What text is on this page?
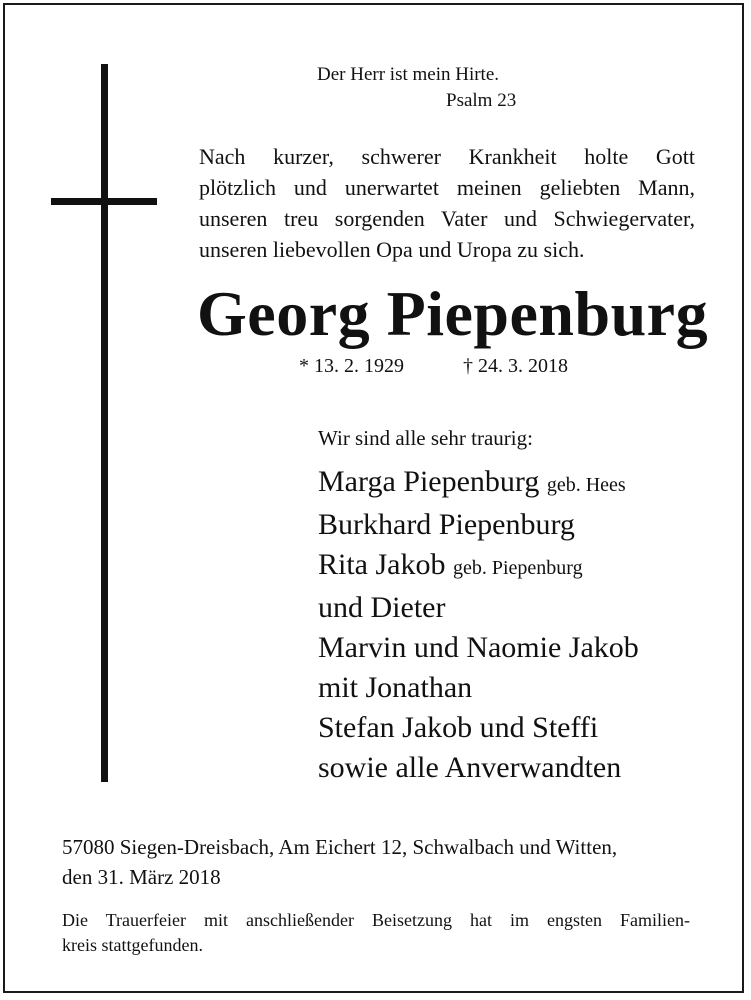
Der Herr ist mein Hirte.
Psalm 23
Nach kurzer, schwerer Krankheit holte Gott
plötzlich und unerwartet meinen geliebten Mann,
unseren treu sorgenden Vater und Schwiegervater,
unseren liebevollen Opa und Uropa zu sich.
Georg Piepenburg
* 13. 2. 1929	† 24. 3. 2018
Wir sind alle sehr traurig:
Marga Piepenburg geb. Hees
Burkhard Piepenburg
Rita Jakob geb. Piepenburg
und Dieter
Marvin und Naomie Jakob
mit Jonathan
Stefan Jakob und Steffi
sowie alle Anverwandten
57080 Siegen-Dreisbach, Am Eichert 12, Schwalbach und Witten,
den 31. März 2018
Die Trauerfeier mit anschließender Beisetzung hat im engsten Familien-
kreis stattgefunden.
